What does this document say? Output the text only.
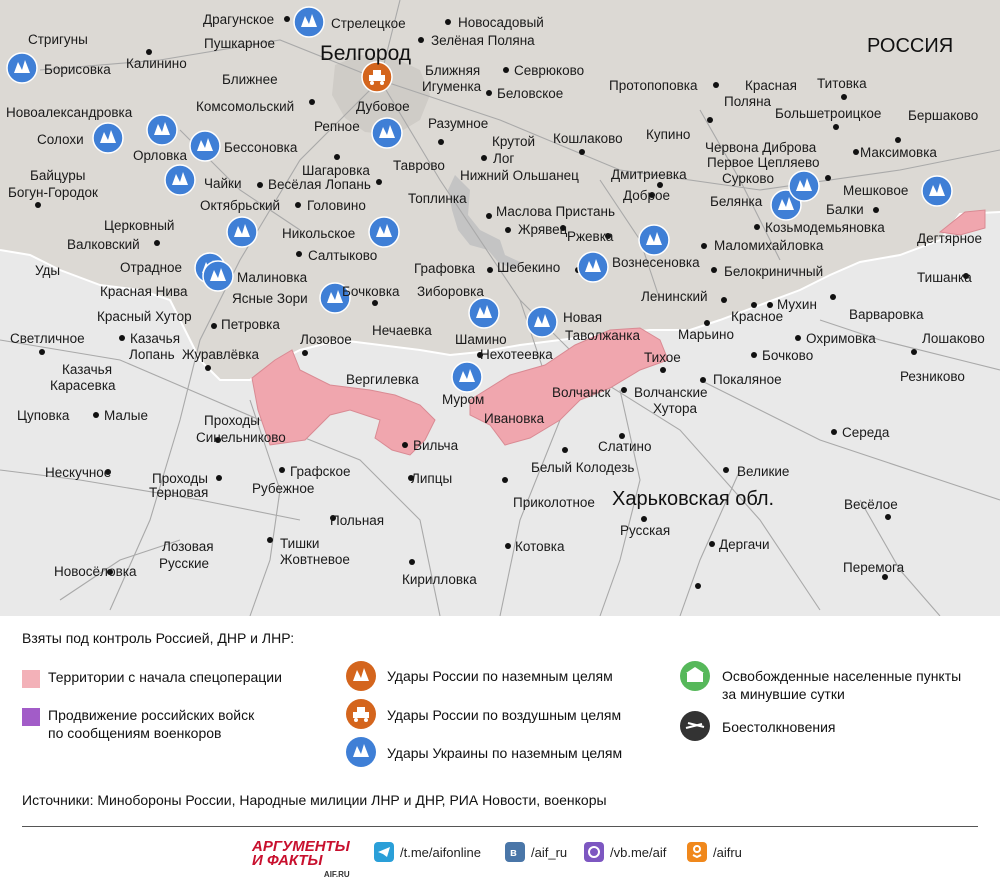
Белгород	РОССИЯ
Харьковская обл.
Драгунское	Стрелецкое	Новосадовый
Стригуны	Пушкарное	Зелёная Поляна
Борисовка Калинино	Севрюково
Ближнее
Ближняя
Игуменка Беловское
Новоалександровка	Комсомольский	Дубовое
Солохи
Орловка
Бессоновка
Репное	Разумное
Крутой
Лог
Байцуры
Чайки
Шагаровка Таврово
Богун-Городок
Весёлая Лопань
Нижний Ольшанец
Октябрьский Головино	Топлинка
Кошлаково
Протопоповка	Красная
Поляна
Титовка
Купино
Большетроицкое Бершаково
Червона Диброва	Максимовка
Первое Цепляево
Дмитриевка	Сурково
Мешковое
Доброе	Белянка
Балки
Маслова Пристань
Церковный
Никольское	Жрявец	Козьмодемьяновка
Дегтярное
Валковский
Ржевка
Маломихайловка
Салтыково	Вознесеновка
Уды	Отрадное	Графовка Шебекино	Белокриничный	Тишанка
Малиновка
Красная Нива	Бочковка Зиборовка	Ленинский
Мухин
Ясные Зори
Красный Хутор	Варваровка
Петровка	Новая	Красное
Светличное	Казачья
Нечаевка
Шамино	Таволжанка	Марьино	Охримовка	Лошаково
Лопань Журавлёвка
Лозовое
Нехотеевка	Тихое	Бочково
Резниково
Казачья
Вергилевка	Покаляное
Волчанск Волчанские
Хутора
Муром
Карасевка
Цуповка	Малые	Проходы
Синельниково
Ивановка
Середа
Вильча	Слатино
Нескучное	Графское	Белый Колодезь	Великие
Проходы
Терновая
Липцы
Рубежное
Приколотное	Весёлое
Польная
Русская
Лозовая
Русские
Тишки
Жовтневое
Котовка	Дергачи
Новосёловка	Перемога
Кирилловка
Взяты под контроль Россией, ДНР и ЛНР:
Территории с начала спецоперации
Продвижение российских войск
по сообщениям военкоров
Удары России по наземным целям
Удары России по воздушным целям
Удары Украины по наземным целям
Освобожденные населенные пункты
за минувшие сутки
Боестолкновения
Источники: Минобороны России, Народные милиции ЛНР и ДНР, РИА Новости, военкоры
АРГУМЕНТЫ
И ФАКТЫ
AIF.RU
/t.me/aifonline	в /aif_ru	/vb.me/aif	/aifru
